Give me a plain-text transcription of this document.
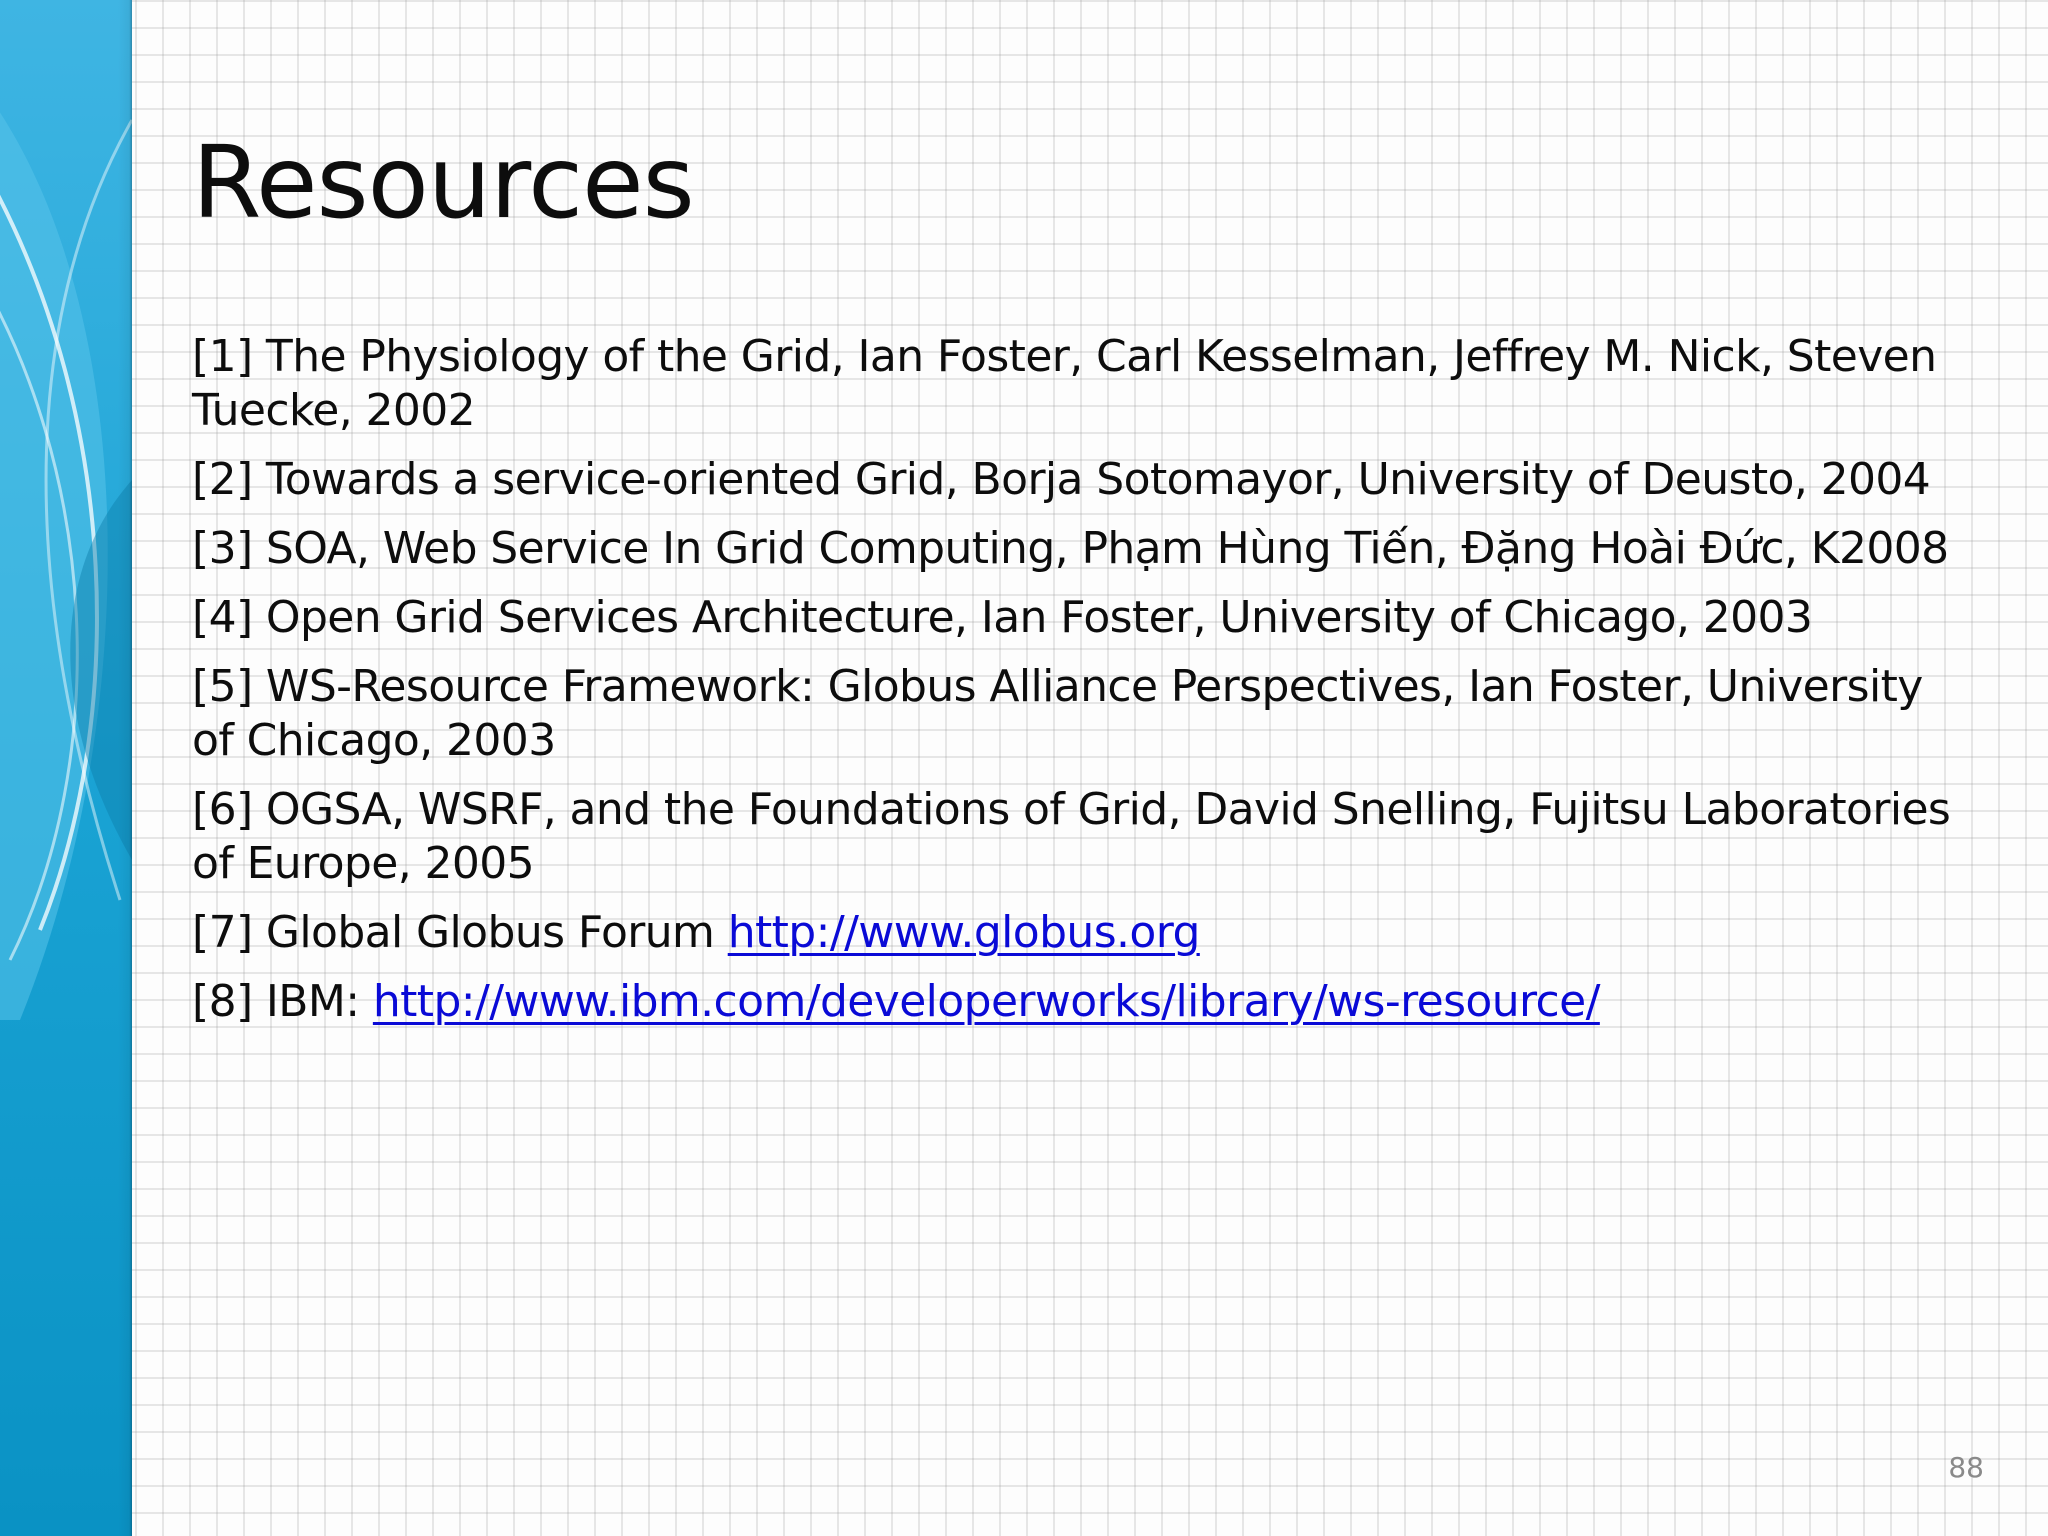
Resources
[1] The Physiology of the Grid, Ian Foster, Carl Kesselman, Jeffrey M. Nick, Steven Tuecke, 2002
[2] Towards a service-oriented Grid, Borja Sotomayor, University of Deusto, 2004
[3] SOA, Web Service In Grid Computing, Phạm Hùng Tiến, Đặng Hoài Đức, K2008
[4] Open Grid Services Architecture, Ian Foster, University of Chicago, 2003
[5] WS-Resource Framework: Globus Alliance Perspectives, Ian Foster, University of Chicago, 2003
[6] OGSA, WSRF, and the Foundations of Grid, David Snelling, Fujitsu Laboratories of Europe, 2005
[7] Global Globus Forum http://www.globus.org
[8] IBM: http://www.ibm.com/developerworks/library/ws-resource/
88
